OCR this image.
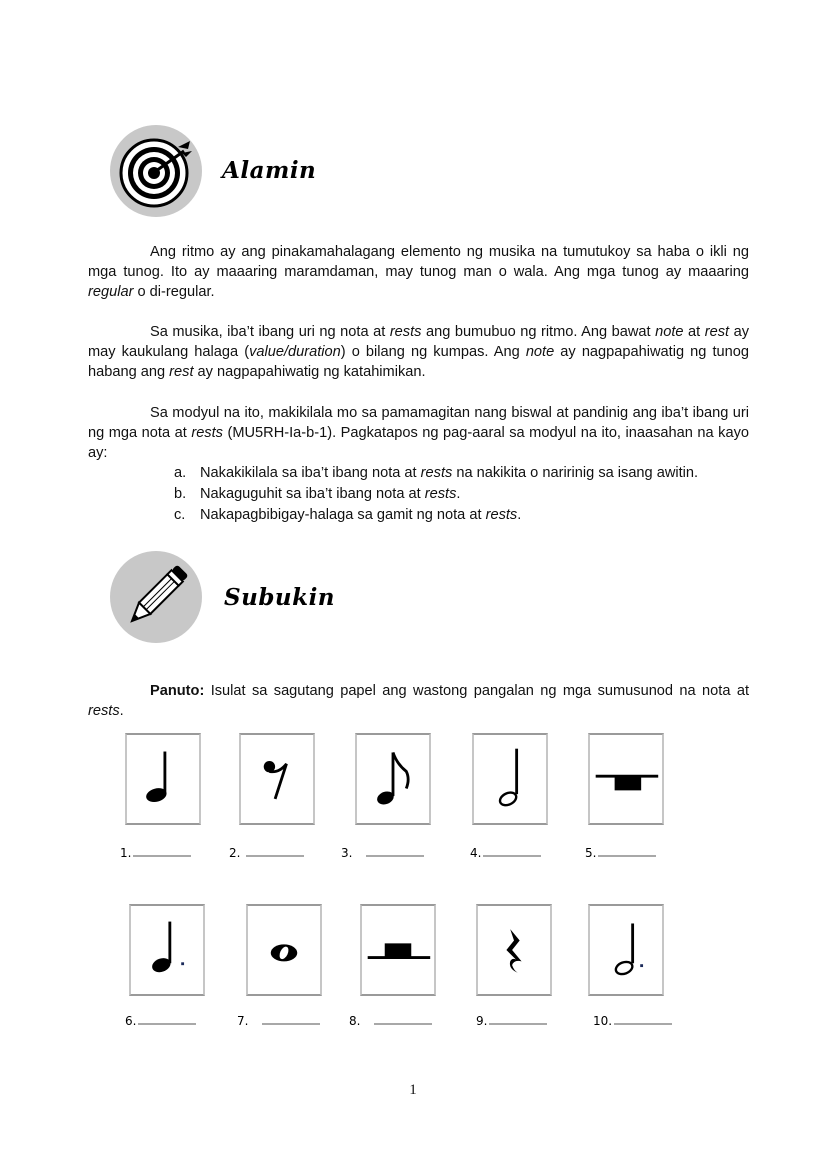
Alamin
Ang ritmo ay ang pinakamahalagang elemento ng musika na tumutukoy sa haba o ikli ng mga tunog. Ito ay maaaring maramdaman, may tunog man o wala. Ang mga tunog ay maaaring regular o di-regular.
Sa musika, iba’t ibang uri ng nota at rests ang bumubuo ng ritmo. Ang bawat note at rest ay may kaukulang halaga (value/duration) o bilang ng kumpas. Ang note ay nagpapahiwatig ng tunog habang ang rest ay nagpapahiwatig ng katahimikan.
Sa modyul na ito, makikilala mo sa pamamagitan nang biswal at pandinig ang iba’t ibang uri ng mga nota at rests (MU5RH-Ia-b-1). Pagkatapos ng pag-aaral sa modyul na ito, inaasahan na kayo ay:
a. Nakakikilala sa iba’t ibang nota at rests na nakikita o naririnig sa isang awitin.
b. Nakaguguhit sa iba’t ibang nota at rests.
c. Nakapagbibigay-halaga sa gamit ng nota at rests.
Subukin
Panuto: Isulat sa sagutang papel ang wastong pangalan ng mga sumusunod na nota at rests.
1.	2.	3.	4.	5.
6.	7.	8.	9.	10.
1
